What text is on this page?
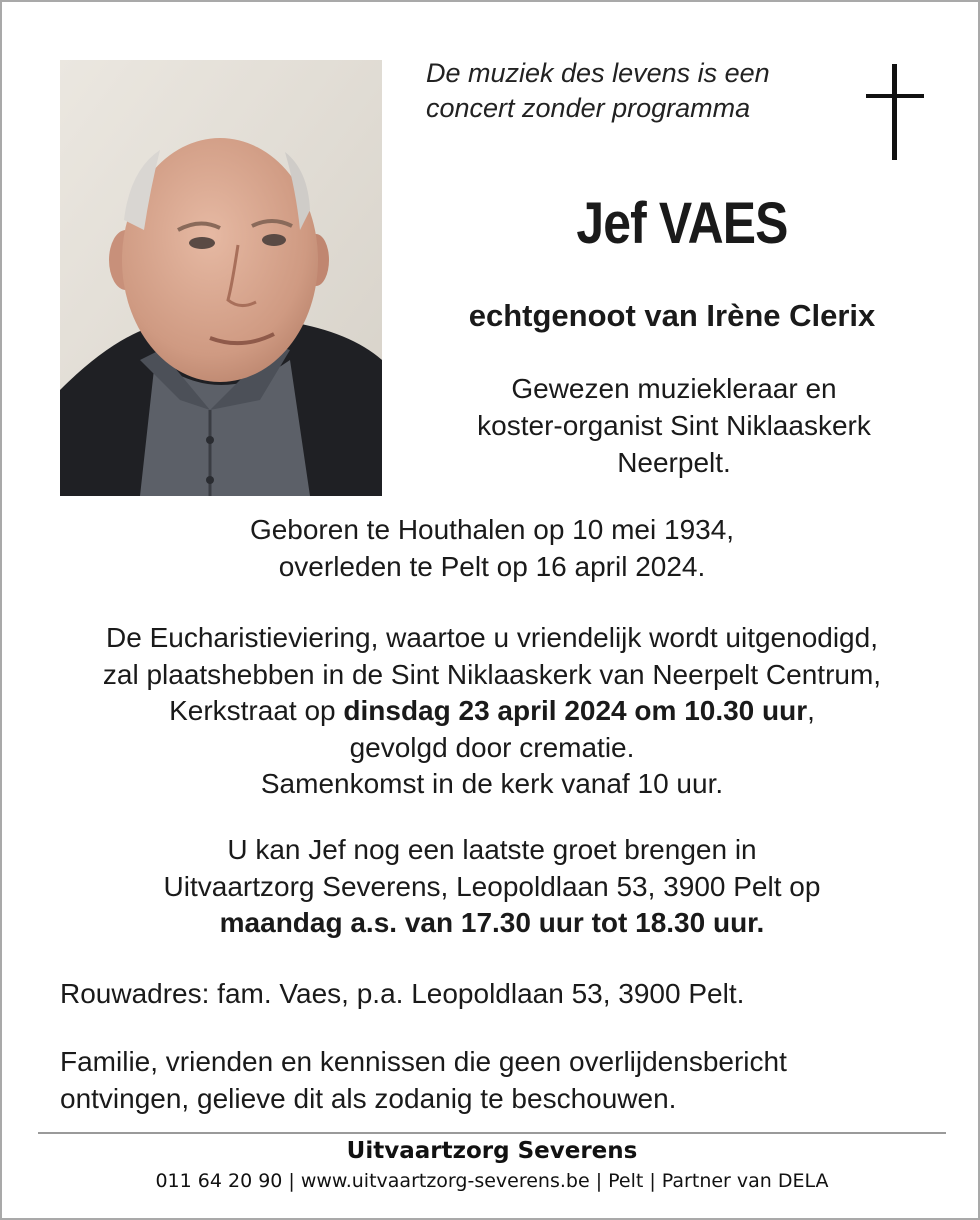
De muziek des levens is een
concert zonder programma
Jef VAES
echtgenoot van Irène Clerix
Gewezen muziekleraar en
koster-organist Sint Niklaaskerk
Neerpelt.
Geboren te Houthalen op 10 mei 1934,
overleden te Pelt op 16 april 2024.
De Eucharistieviering, waartoe u vriendelijk wordt uitgenodigd,
zal plaatshebben in de Sint Niklaaskerk van Neerpelt Centrum,
Kerkstraat op dinsdag 23 april 2024 om 10.30 uur,
gevolgd door crematie.
Samenkomst in de kerk vanaf 10 uur.
U kan Jef nog een laatste groet brengen in
Uitvaartzorg Severens, Leopoldlaan 53, 3900 Pelt op
maandag a.s. van 17.30 uur tot 18.30 uur.
Rouwadres: fam. Vaes, p.a. Leopoldlaan 53, 3900 Pelt.
Familie, vrienden en kennissen die geen overlijdensbericht
ontvingen, gelieve dit als zodanig te beschouwen.
Uitvaartzorg Severens
011 64 20 90 | www.uitvaartzorg-severens.be | Pelt | Partner van DELA
